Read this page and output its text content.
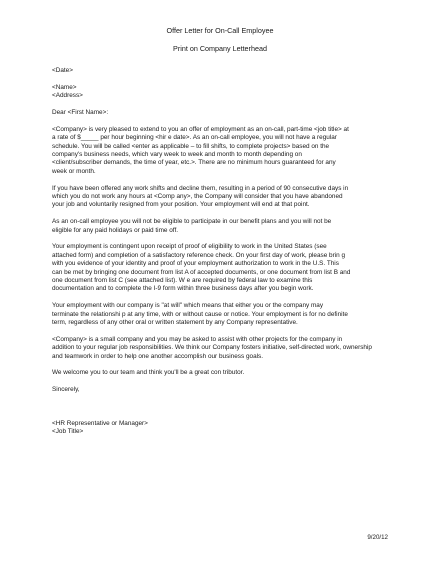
Offer Letter for On-Call Employee
Print on Company Letterhead

<Date>

<Name>

<Address>

Dear <First Name>:

<Company> is very pleased to extend to you an offer of employment as an on-call, part-time <job title> at
a rate of $_____ per hour beginning <hir e date>. As an on-call employee, you will not have a regular
schedule. You will be called <enter as applicable – to fill shifts, to complete projects> based on the
company's business needs, which vary week to week and month to month depending on
<client/subscriber demands, the time of year, etc.>. There are no minimum hours guaranteed for any
week or month.

If you have been offered any work shifts and decline them, resulting in a period of 90 consecutive days in
which you do not work any hours at <Comp any>, the Company will consider that you have abandoned
your job and voluntarily resigned from your position. Your employment will end at that point.

As an on-call employee you will not be eligible to participate in our benefit plans and you will not be
eligible for any paid holidays or paid time off.

Your employment is contingent upon receipt of proof of eligibility to work in the United States (see
attached form) and completion of a satisfactory reference check. On your first day of work, please brin g
with you evidence of your identity and proof of your employment authorization to work in the U.S. This
can be met by bringing one document from list A of accepted documents, or one document from list B and
one document from list C (see attached list). W e are required by federal law to examine this
documentation and to complete the I-9 form within three business days after you begin work.

Your employment with our company is "at will" which means that either you or the company may
terminate the relationshi p at any time, with or without cause or notice. Your employment is for no definite
term, regardless of any other oral or written statement by any Company representative.

<Company> is a small company and you may be asked to assist with other projects for the company in
addition to your regular job responsibilities. We think our Company fosters initiative, self-directed work, ownership
and teamwork in order to help one another accomplish our business goals.

We welcome you to our team and think you'll be a great con tributor.

Sincerely,

<HR Representative or Manager>

<Job Title>

9/20/12
